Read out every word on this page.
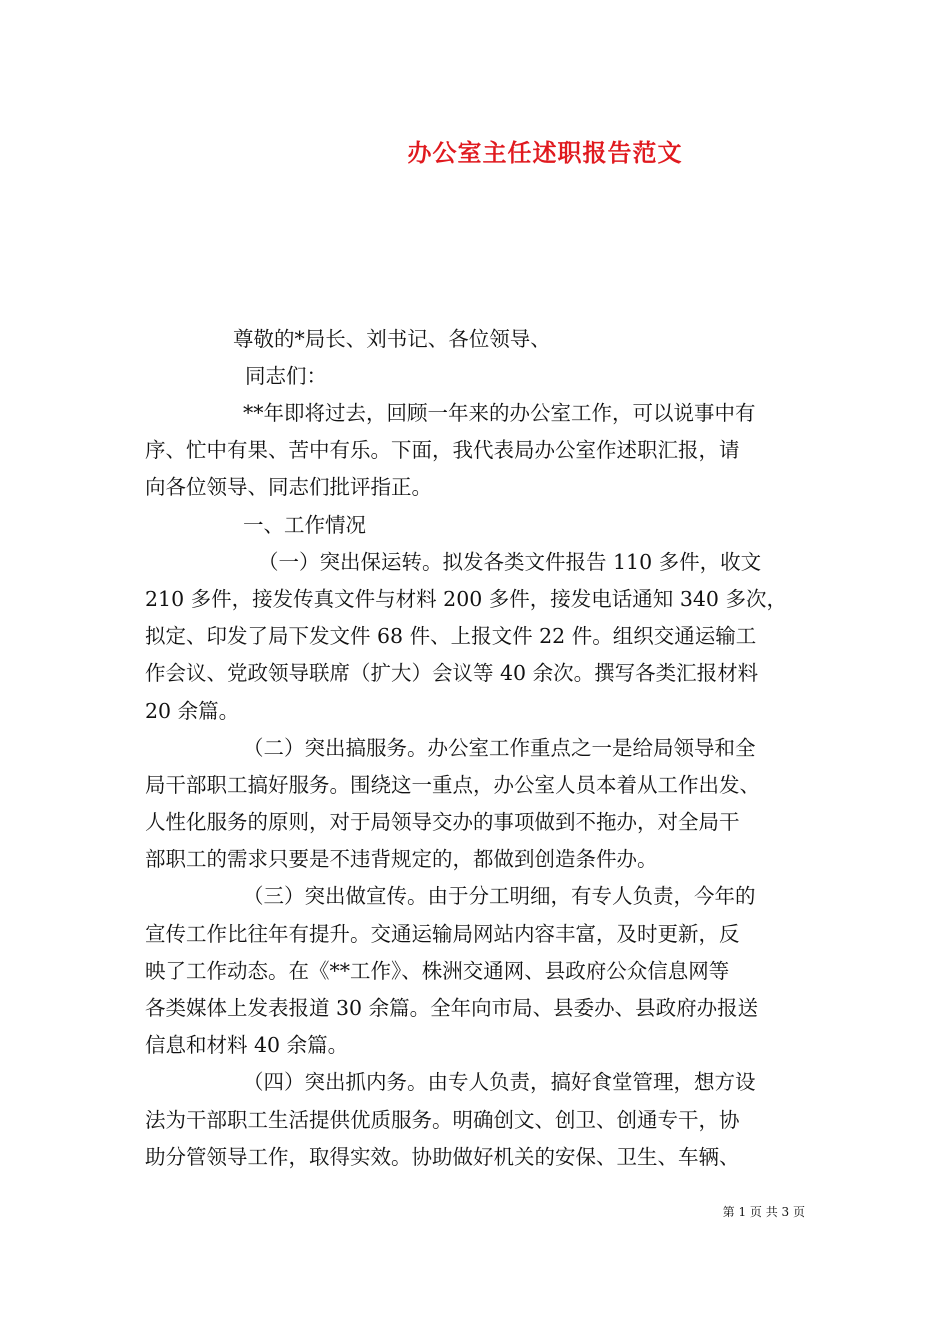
办公室主任述职报告范文
尊敬的*局长、刘书记、各位领导、
同志们：
**年即将过去，回顾一年来的办公室工作，可以说事中有
序、忙中有果、苦中有乐。下面，我代表局办公室作述职汇报，请
向各位领导、同志们批评指正。
一、工作情况
（一）突出保运转。拟发各类文件报告 110 多件，收文
210 多件，接发传真文件与材料 200 多件，接发电话通知 340 多次，
拟定、印发了局下发文件 68 件、上报文件 22 件。组织交通运输工
作会议、党政领导联席（扩大）会议等 40 余次。撰写各类汇报材料
20 余篇。
（二）突出搞服务。办公室工作重点之一是给局领导和全
局干部职工搞好服务。围绕这一重点，办公室人员本着从工作出发、
人性化服务的原则，对于局领导交办的事项做到不拖办，对全局干
部职工的需求只要是不违背规定的，都做到创造条件办。
（三）突出做宣传。由于分工明细，有专人负责，今年的
宣传工作比往年有提升。交通运输局网站内容丰富，及时更新，反
映了工作动态。在《**工作》、株洲交通网、县政府公众信息网等
各类媒体上发表报道 30 余篇。全年向市局、县委办、县政府办报送
信息和材料 40 余篇。
（四）突出抓内务。由专人负责，搞好食堂管理，想方设
法为干部职工生活提供优质服务。明确创文、创卫、创通专干，协
助分管领导工作，取得实效。协助做好机关的安保、卫生、车辆、
第 1 页 共 3 页
